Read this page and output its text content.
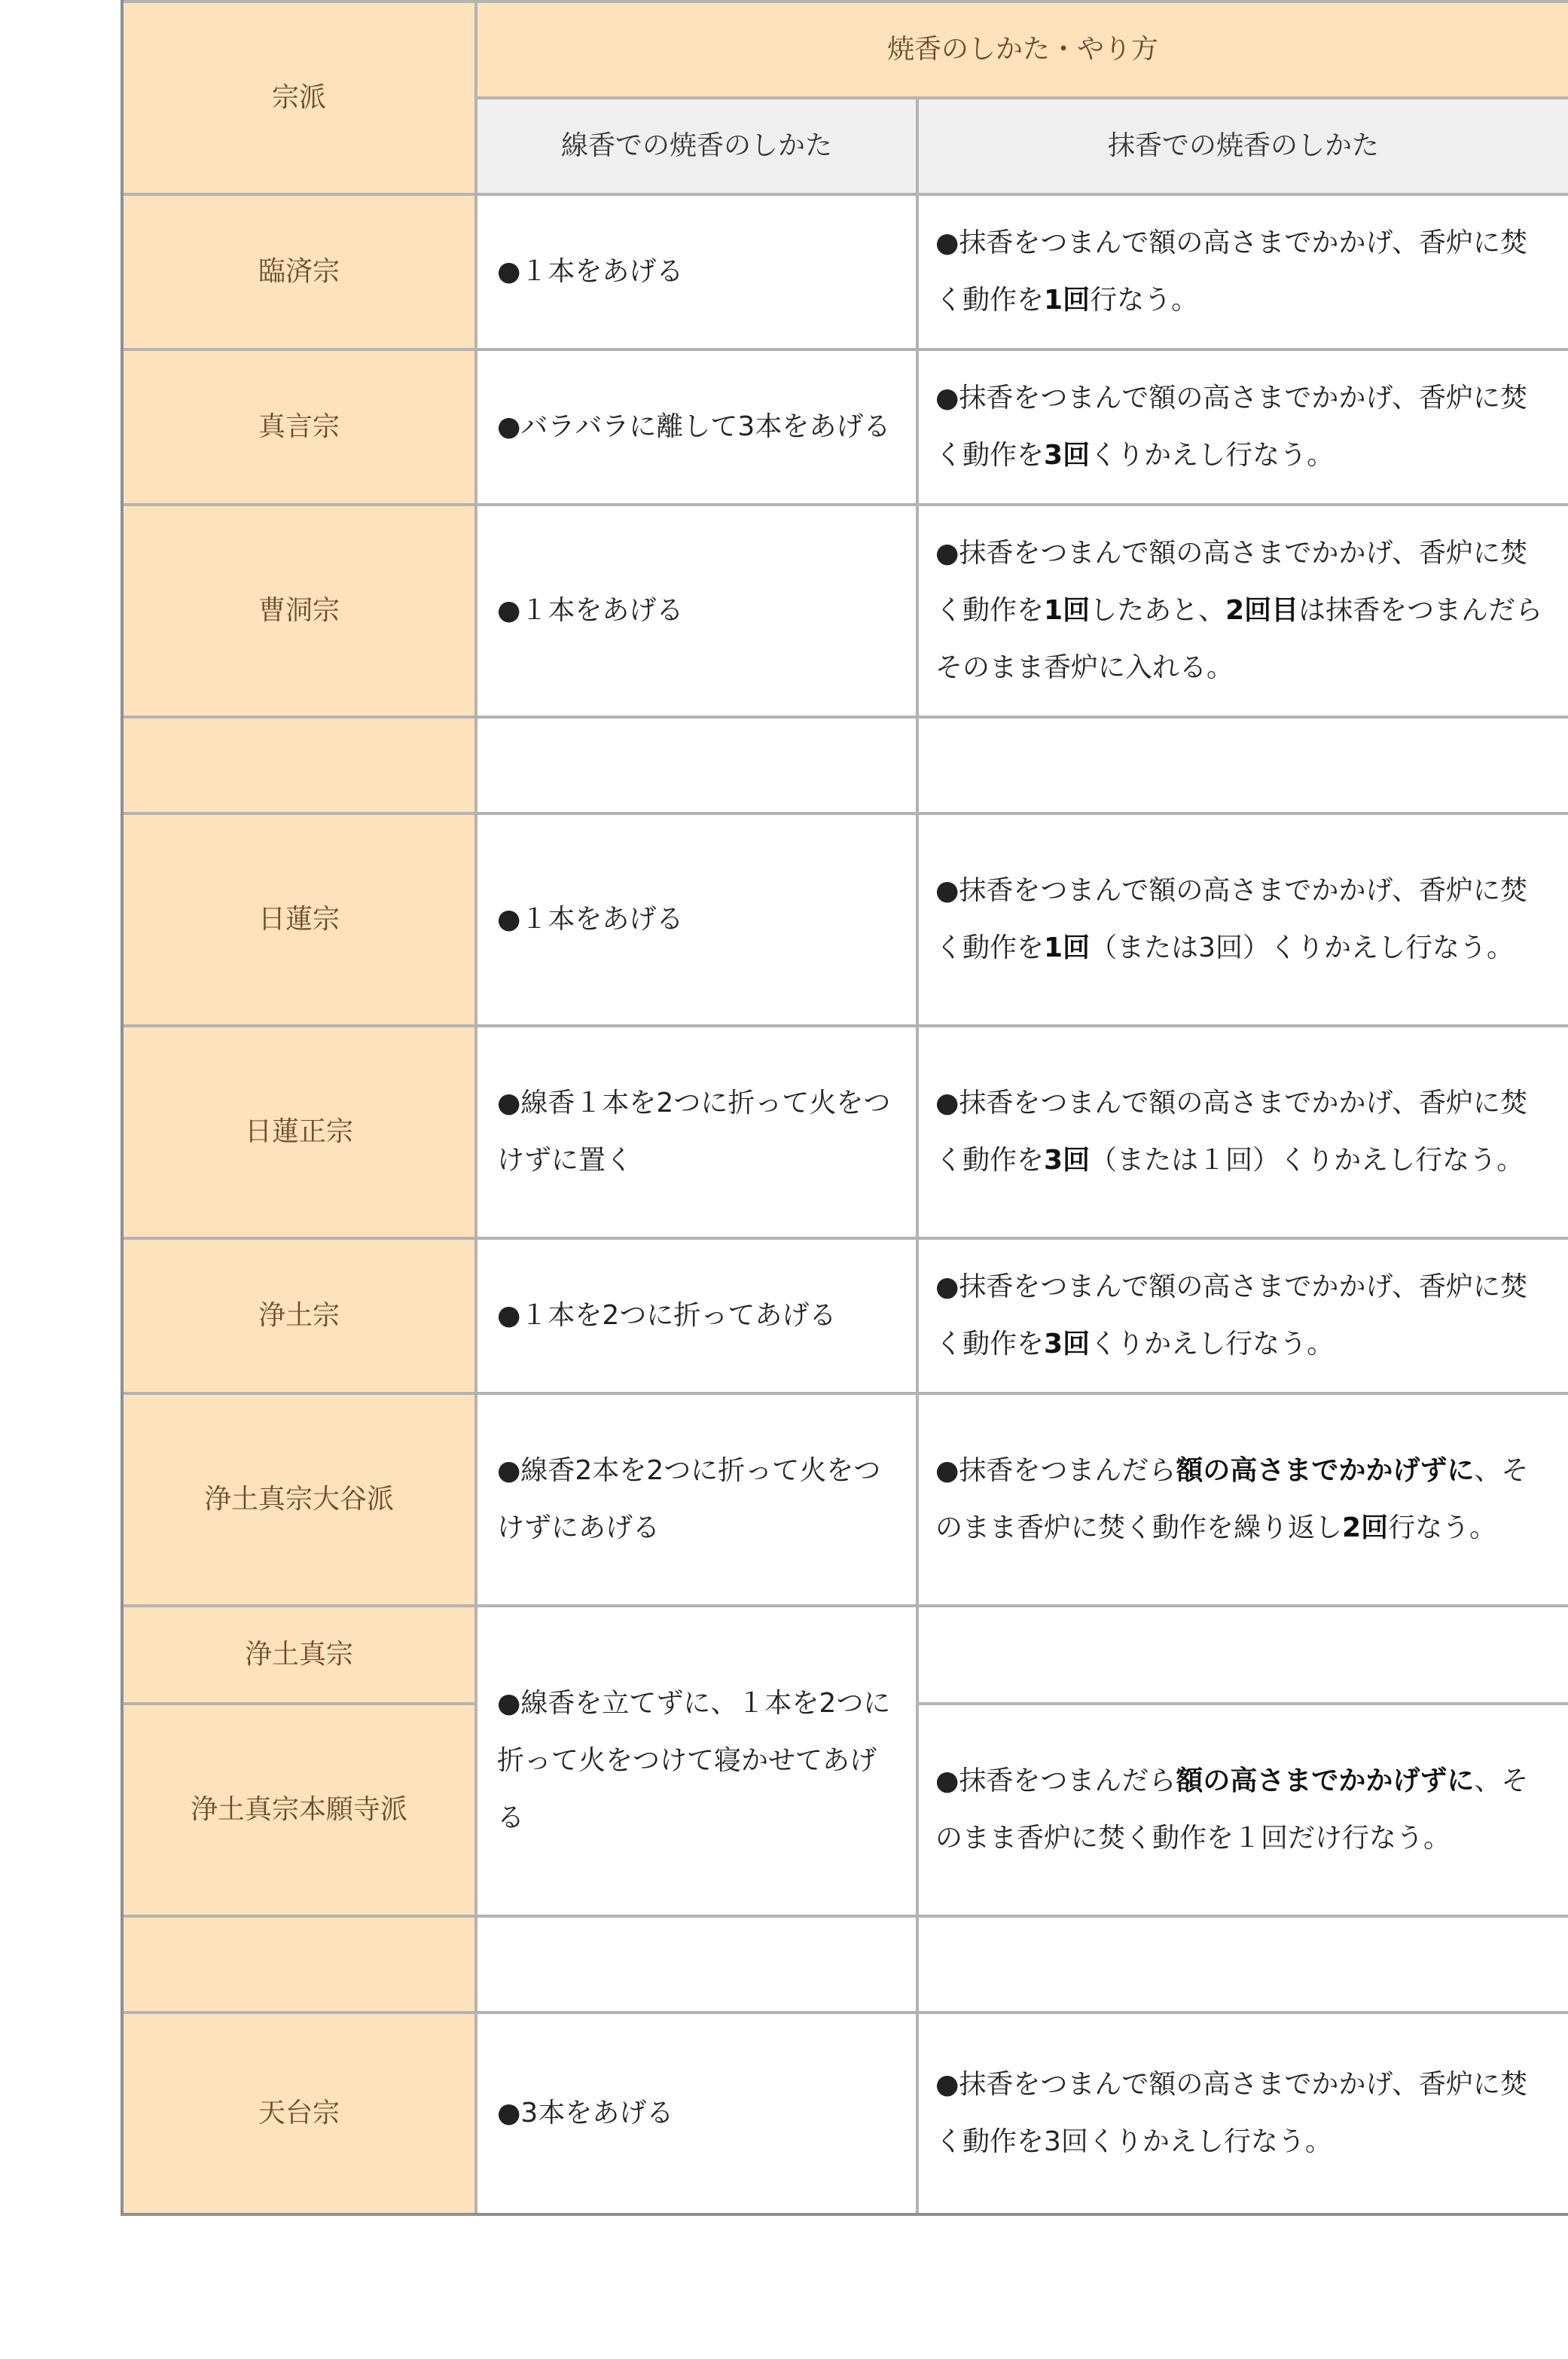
宗派	焼香のしかた・やり方	
	線香での焼香のしかた	抹香での焼香のしかた
臨済宗	●１本をあげる	●抹香をつまんで額の高さまでかかげ、香炉に焚く動作を1回行なう。
真言宗	●バラバラに離して3本をあげる	●抹香をつまんで額の高さまでかかげ、香炉に焚く動作を3回くりかえし行なう。
曹洞宗	●１本をあげる	●抹香をつまんで額の高さまでかかげ、香炉に焚く動作を1回したあと、2回目は抹香をつまんだらそのまま香炉に入れる。

日蓮宗	●１本をあげる	●抹香をつまんで額の高さまでかかげ、香炉に焚く動作を1回（または3回）くりかえし行なう。
日蓮正宗	●線香１本を2つに折って火をつけずに置く	●抹香をつまんで額の高さまでかかげ、香炉に焚く動作を3回（または１回）くりかえし行なう。
浄土宗	●１本を2つに折ってあげる	●抹香をつまんで額の高さまでかかげ、香炉に焚く動作を3回くりかえし行なう。
浄土真宗大谷派	●線香2本を2つに折って火をつけずにあげる	●抹香をつまんだら額の高さまでかかげずに、そのまま香炉に焚く動作を繰り返し2回行なう。
浄土真宗	●線香を立てずに、１本を2つに折って火をつけて寝かせてあげる	
浄土真宗本願寺派		●抹香をつまんだら額の高さまでかかげずに、そのまま香炉に焚く動作を１回だけ行なう。

天台宗	●3本をあげる	●抹香をつまんで額の高さまでかかげ、香炉に焚く動作を3回くりかえし行なう。
